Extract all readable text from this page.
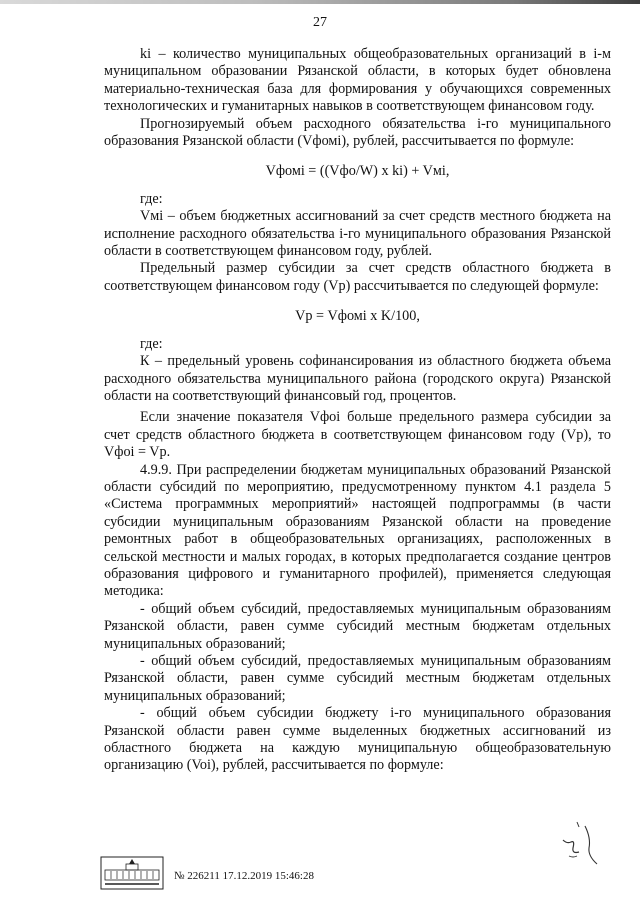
27

ki – количество муниципальных общеобразовательных организаций в i-м муниципальном образовании Рязанской области, в которых будет обновлена материально-техническая база для формирования у обучающихся современных технологических и гуманитарных навыков в соответствующем финансовом году.

Прогнозируемый объем расходного обязательства i-го муниципального образования Рязанской области (Vфомi), рублей, рассчитывается по формуле:

Vфомi = ((Vфо/W) x ki) + Vмi,

где:

Vмi – объем бюджетных ассигнований за счет средств местного бюджета на исполнение расходного обязательства i-го муниципального образования Рязанской области в соответствующем финансовом году, рублей.

Предельный размер субсидии за счет средств областного бюджета в соответствующем финансовом году (Vр) рассчитывается по следующей формуле:

Vр = Vфомi x K/100,

где:

К – предельный уровень софинансирования из областного бюджета объема расходного обязательства муниципального района (городского округа) Рязанской области на соответствующий финансовый год, процентов.

Если значение показателя Vфоi больше предельного размера субсидии за счет средств областного бюджета в соответствующем финансовом году (Vр), то Vфоi = Vр.

4.9.9. При распределении бюджетам муниципальных образований Рязанской области субсидий по мероприятию, предусмотренному пунктом 4.1 раздела 5 «Система программных мероприятий» настоящей подпрограммы (в части субсидии муниципальным образованиям Рязанской области на проведение ремонтных работ в общеобразовательных организациях, расположенных в сельской местности и малых городах, в которых предполагается создание центров образования цифрового и гуманитарного профилей), применяется следующая методика:

- общий объем субсидий, предоставляемых муниципальным образованиям Рязанской области, равен сумме субсидий местным бюджетам отдельных муниципальных образований;

- общий объем субсидий, предоставляемых муниципальным образованиям Рязанской области, равен сумме субсидий местным бюджетам отдельных муниципальных образований;

- общий объем субсидии бюджету i-го муниципального образования Рязанской области равен сумме выделенных бюджетных ассигнований из областного бюджета на каждую муниципальную общеобразовательную организацию (Voi), рублей, рассчитывается по формуле:

№ 226211 17.12.2019 15:46:28
